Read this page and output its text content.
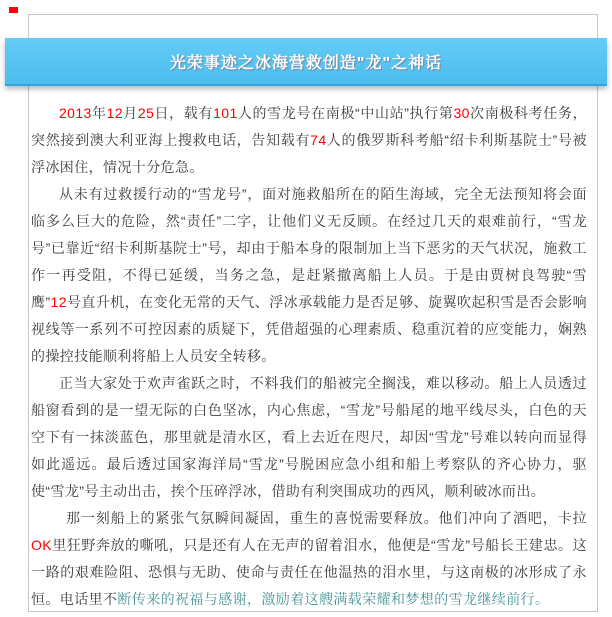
光荣事迹之冰海营救创造"龙"之神话

2013年12月25日，载有101人的雪龙号在南极“中山站”执行第30次南极科考任务，突然接到澳大利亚海上搜救电话，告知载有74人的俄罗斯科考船“绍卡利斯基院士”号被浮冰困住，情况十分危急。

从未有过救援行动的“雪龙号”，面对施救船所在的陌生海域，完全无法预知将会面临多么巨大的危险，然“责任”二字，让他们义无反顾。在经过几天的艰难前行，“雪龙号”已靠近“绍卡利斯基院士”号，却由于船本身的限制加上当下恶劣的天气状况，施救工作一再受阻，不得已延缓，当务之急，是赶紧撤离船上人员。于是由贾树良驾驶“雪鹰”12号直升机，在变化无常的天气、浮冰承载能力是否足够、旋翼吹起积雪是否会影响视线等一系列不可控因素的质疑下，凭借超强的心理素质、稳重沉着的应变能力，娴熟的操控技能顺利将船上人员安全转移。

正当大家处于欢声雀跃之时，不料我们的船被完全搁浅，难以移动。船上人员透过船窗看到的是一望无际的白色坚冰，内心焦虑，“雪龙”号船尾的地平线尽头，白色的天空下有一抹淡蓝色，那里就是清水区，看上去近在咫尺，却因“雪龙”号难以转向而显得如此遥远。最后透过国家海洋局“雪龙”号脱困应急小组和船上考察队的齐心协力，驱使“雪龙”号主动出击，挨个压碎浮冰，借助有利突围成功的西风，顺利破冰而出。

那一刻船上的紧张气氛瞬间凝固，重生的喜悦需要释放。他们冲向了酒吧，卡拉OK里狂野奔放的嘶吼，只是还有人在无声的留着泪水，他便是“雪龙”号船长王建忠。这一路的艰难险阻、恐惧与无助、使命与责任在他温热的泪水里，与这南极的冰形成了永恒。电话里不断传来的祝福与感谢，激励着这艘满载荣耀和梦想的雪龙继续前行。
